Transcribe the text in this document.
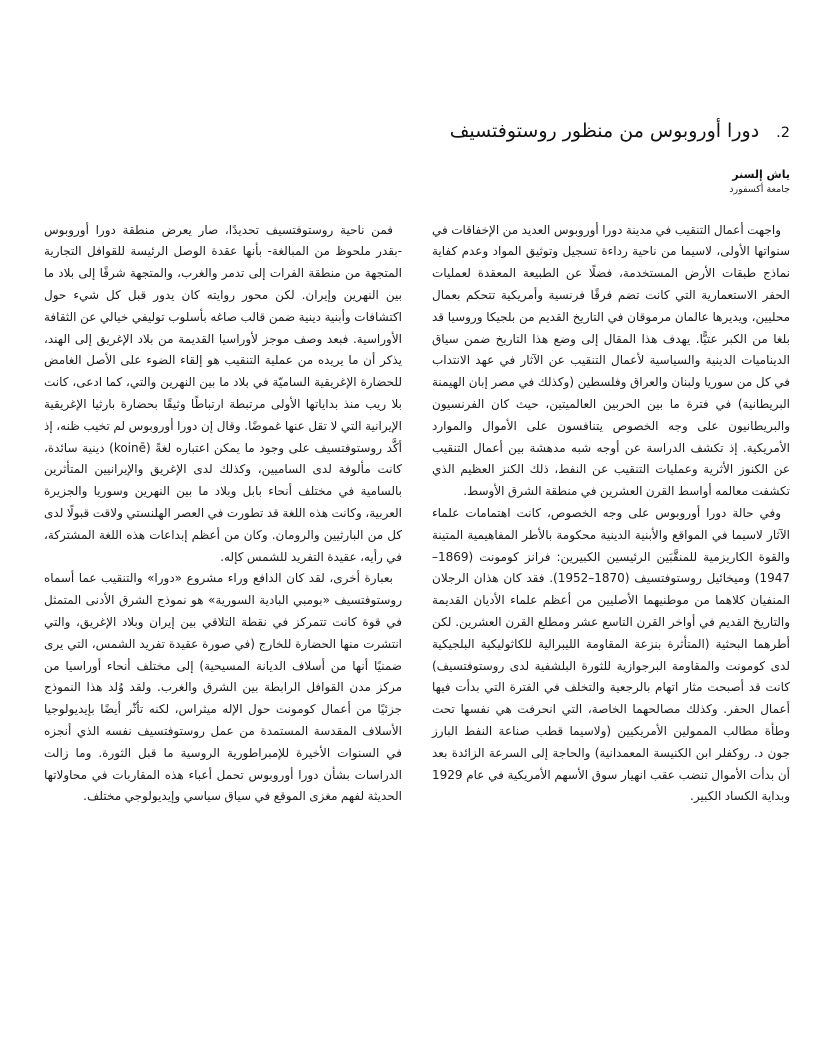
2.
دورا أوروبوس من منظور روستوفتسيف
ياش إلسنر
جامعة أكسفورد

واجهت أعمال التنقيب في مدينة دورا أوروبوس العديد من الإخفاقات في سنواتها الأولى، لاسيما من ناحية رداءة تسجيل وتوثيق المواد وعدم كفاية نماذج طبقات الأرض المستخدمة، فضلًا عن الطبيعة المعقدة لعمليات الحفر الاستعمارية التي كانت تضم فرقًا فرنسية وأمريكية تتحكم بعمال محليين، ويديرها عالمان مرموقان في التاريخ القديم من بلجيكا وروسيا قد بلغا من الكبر عتيًّا. يهدف هذا المقال إلى وضع هذا التاريخ ضمن سياق الديناميات الدينية والسياسية لأعمال التنقيب عن الآثار في عهد الانتداب في كل من سوريا ولبنان والعراق وفلسطين (وكذلك في مصر إبان الهيمنة البريطانية) في فترة ما بين الحربين العالميتين، حيث كان الفرنسيون والبريطانيون على وجه الخصوص يتنافسون على الأموال والموارد الأمريكية. إذ تكشف الدراسة عن أوجه شبه مدهشة بين أعمال التنقيب عن الكنوز الأثرية وعمليات التنقيب عن النفط، ذلك الكنز العظيم الذي تكشفت معالمه أواسط القرن العشرين في منطقة الشرق الأوسط.

وفي حالة دورا أوروبوس على وجه الخصوص، كانت اهتمامات علماء الآثار لاسيما في المواقع والأبنية الدينية محكومة بالأطر المفاهيمية المتينة والقوة الكاريزمية للمنقَّبَين الرئيسين الكبيرين: فرانز كومونت (1869–1947) وميخائيل روستوفتسيف (1870–1952). فقد كان هذان الرجلان المنفيان كلاهما من موطنيهما الأصليين من أعظم علماء الأديان القديمة والتاريخ القديم في أواخر القرن التاسع عشر ومطلع القرن العشرين. لكن أطرهما البحثية (المتأثرة بنزعة المقاومة الليبرالية للكاثوليكية البلجيكية لدى كومونت والمقاومة البرجوازية للثورة البلشفية لدى روستوفتسيف) كانت قد أصبحت مثار اتهام بالرجعية والتخلف في الفترة التي بدأت فيها أعمال الحفر. وكذلك مصالحهما الخاصة، التي انحرفت هي نفسها تحت وطأة مطالب الممولين الأمريكيين (ولاسيما قطب صناعة النفط البارز جون د. روكفلر ابن الكنيسة المعمدانية) والحاجة إلى السرعة الزائدة بعد أن بدأت الأموال تنضب عقب انهيار سوق الأسهم الأمريكية في عام 1929 وبداية الكساد الكبير.

فمن ناحية روستوفتسيف تحديدًا، صار يعرض منطقة دورا أوروبوس -بقدر ملحوظ من المبالغة- بأنها عقدة الوصل الرئيسة للقوافل التجارية المتجهة من منطقة الفرات إلى تدمر والغرب، والمتجهة شرقًا إلى بلاد ما بين النهرين وإيران. لكن محور روايته كان يدور قبل كل شيء حول اكتشافات وأبنية دينية ضمن قالب صاغه بأسلوب توليفي خيالي عن الثقافة الأوراسية. فبعد وصف موجز لأوراسيا القديمة من بلاد الإغريق إلى الهند، يذكر أن ما يريده من عملية التنقيب هو إلقاء الضوء على الأصل الغامض للحضارة الإغريقية الساميّة في بلاد ما بين النهرين والتي، كما ادعى، كانت بلا ريب منذ بداياتها الأولى مرتبطة ارتباطًا وثيقًا بحضارة بارثيا الإغريقية الإيرانية التي لا تقل عنها غموضًا. وقال إن دورا أوروبوس لم تخيب ظنه، إذ أكَّد روستوفتسيف على وجود ما يمكن اعتباره لغةً (koinē) دينية سائدة، كانت مألوفة لدى الساميين، وكذلك لدى الإغريق والإيرانيين المتأثرين بالسامية في مختلف أنحاء بابل وبلاد ما بين النهرين وسوريا والجزيرة العربية، وكانت هذه اللغة قد تطورت في العصر الهلنستي ولاقت قبولًا لدى كل من البارثيين والرومان. وكان من أعظم إبداعات هذه اللغة المشتركة، في رأيه، عقيدة التفريد للشمس كإله.

بعبارة أخرى، لقد كان الدافع وراء مشروع «دورا» والتنقيب عما أسماه روستوفتسيف «بومبي البادية السورية» هو نموذج الشرق الأدنى المتمثل في قوة كانت تتمركز في نقطة التلاقي بين إيران وبلاد الإغريق، والتي انتشرت منها الحضارة للخارج (في صورة عقيدة تفريد الشمس، التي يرى ضمنيًا أنها من أسلاف الديانة المسيحية) إلى مختلف أنحاء أوراسيا من مركز مدن القوافل الرابطة بين الشرق والغرب. ولقد وُلد هذا النموذج جزئيًا من أعمال كومونت حول الإله ميثراس، لكنه تأثّر أيضًا بإيديولوجيا الأسلاف المقدسة المستمدة من عمل روستوفتسيف نفسه الذي أنجزه في السنوات الأخيرة للإمبراطورية الروسية ما قبل الثورة. وما زالت الدراسات بشأن دورا أوروبوس تحمل أعباء هذه المقاربات في محاولاتها الحديثة لفهم مغزى الموقع في سياق سياسي وإيديولوجي مختلف.
